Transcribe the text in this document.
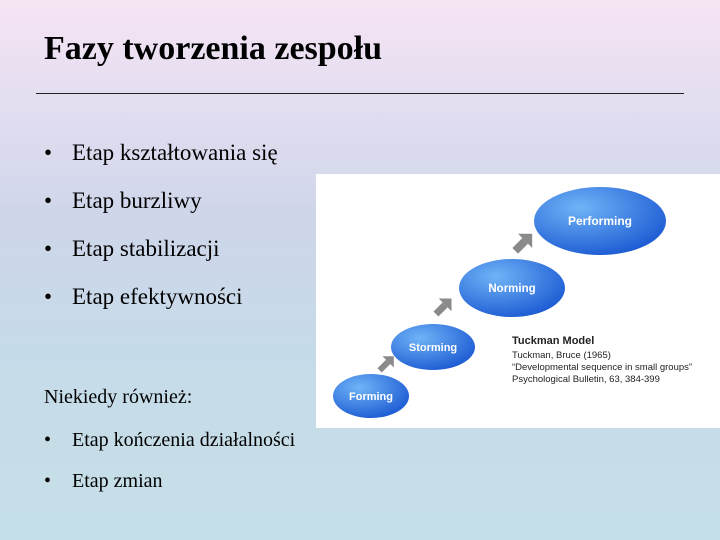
Fazy tworzenia zespołu
• Etap kształtowania się
• Etap burzliwy
• Etap stabilizacji
• Etap efektywności
Niekiedy również:
• Etap kończenia działalności
• Etap zmian
Forming
Storming
Norming
Performing
Tuckman Model
Tuckman, Bruce (1965)
“Developmental sequence in small groups”
Psychological Bulletin, 63, 384-399
